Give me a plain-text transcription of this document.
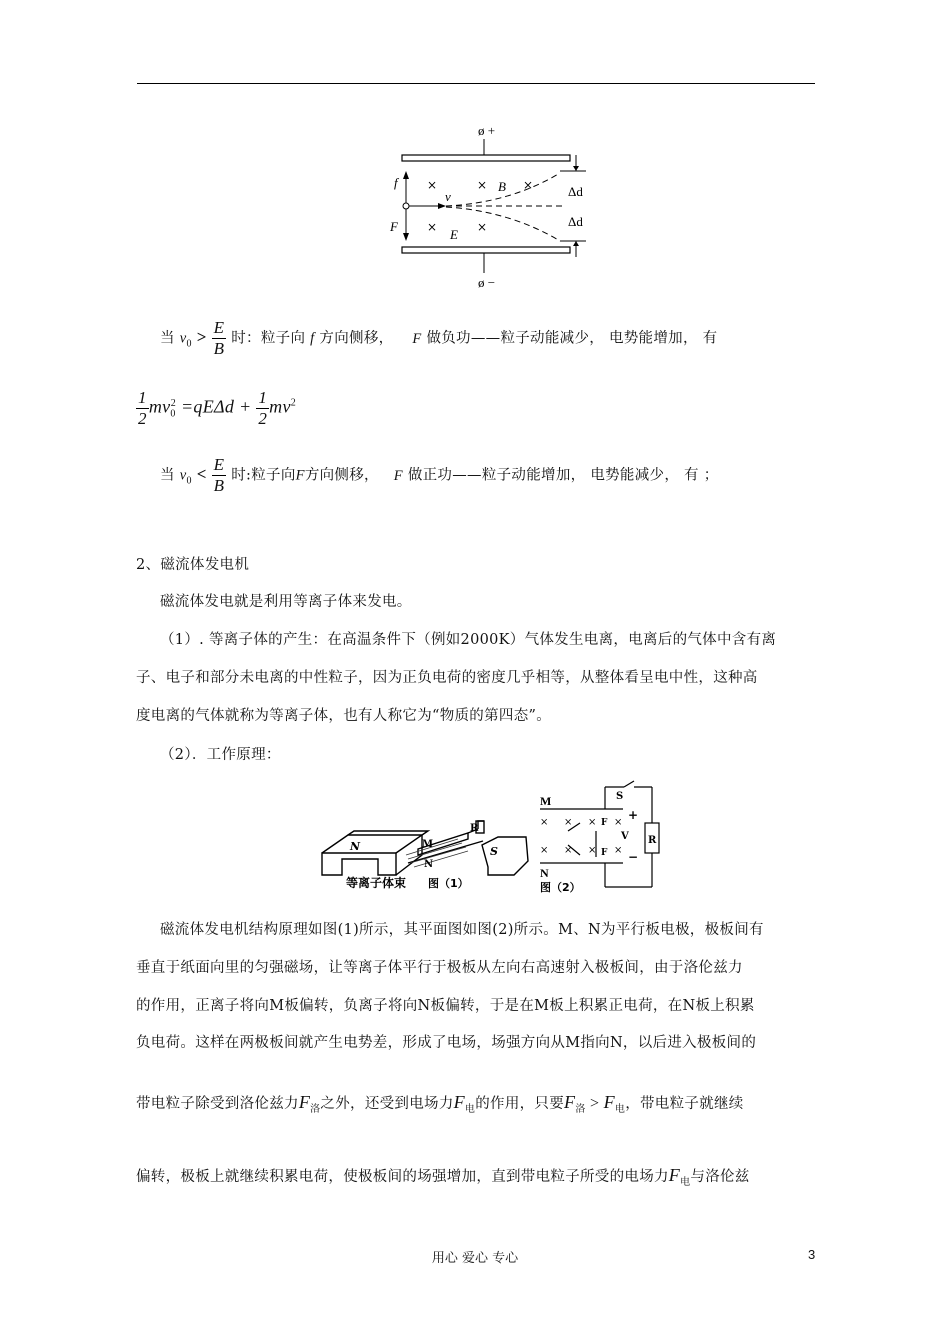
ø +
ø −
f
F
×	×	×
×	×
v
B
E
Δd
Δd
当 $v_0 > \frac{E}{B}$ 时：粒子向 f 方向侧移， F 做负功——粒子动能减少， 电势能增加， 有
$\frac{1}{2} mv_0^2 =qE\Delta d + \frac{1}{2} mv^2$
当 $v_0 < \frac{E}{B}$ 时:粒子向F方向侧移， F 做正功——粒子动能增加， 电势能减少， 有 ；
2、磁流体发电机
磁流体发电就是利用等离子体来发电。
（1）. 等离子体的产生：在高温条件下（例如2000K）气体发生电离，电离后的气体中含有离
子、电子和部分未电离的中性粒子，因为正负电荷的密度几乎相等，从整体看呈电中性，这种高
度电离的气体就称为等离子体，也有人称它为“物质的第四态”。
（2）．工作原理：
N	M
N
S
R
等离子体束 图（1）
M
N
S
R
+
−
V
F
F
× × × ×
× × × ×
图（2）
磁流体发电机结构原理如图(1)所示，其平面图如图(2)所示。M、N为平行板电极，极板间有
垂直于纸面向里的匀强磁场，让等离子体平行于极板从左向右高速射入极板间，由于洛伦兹力
的作用，正离子将向M板偏转，负离子将向N板偏转，于是在M板上积累正电荷，在N板上积累
负电荷。这样在两极板间就产生电势差，形成了电场，场强方向从M指向N，以后进入极板间的
带电粒子除受到洛伦兹力$F_洛$之外，还受到电场力$F_电$的作用，只要$F_洛 > F_电$，带电粒子就继续
偏转，极板上就继续积累电荷，使极板间的场强增加，直到带电粒子所受的电场力$F_电$与洛伦兹
用心 爱心 专心	3
